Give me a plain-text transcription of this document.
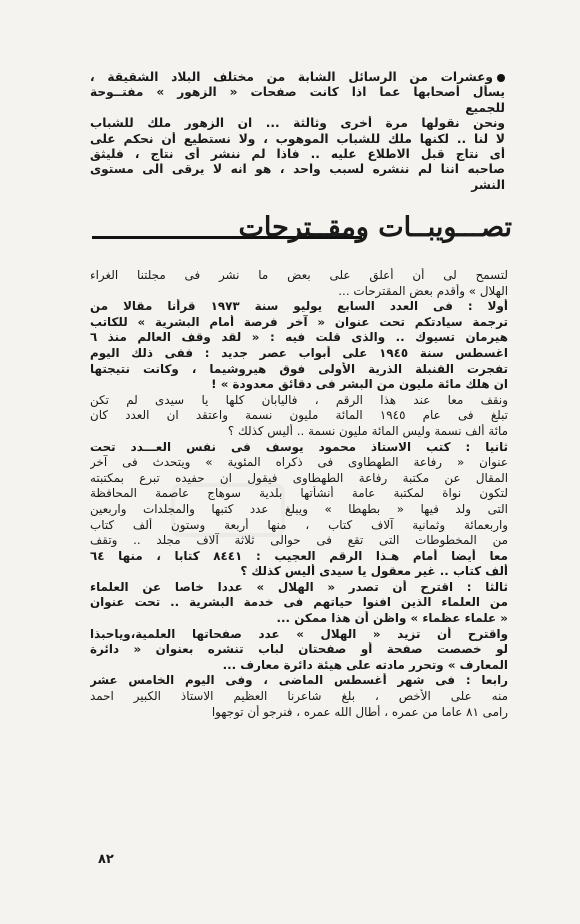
وعشرات من الرسائل الشابة من مختلف البلاد الشقيقة ،
يسأل أصحابها عما اذا كانت صفحات « الزهور » مفتــوحة
للجميع
ونحن نقولها مرة أخرى وثالثة ... ان الزهور ملك للشباب
لا لنا .. لكنها ملك للشباب الموهوب ، ولا نستطيع أن نحكم على
أى نتاج قبل الاطلاع عليه .. فاذا لم ننشر أى نتاج ، فليثق
صاحبه اننا لم ننشره لسبب واحد ، هو انه لا يرقى الى مستوى
النشر
تصـــويبــات ومقــترحات
لتسمح لى أن أعلق على بعض ما نشر فى مجلتنا الغراء
الهلال » وأقدم بعض المقترحات ...
أولا : فى العدد السابع يوليو سنة ١٩٧٣ قرأنا مقالا من
ترجمة سيادتكم تحت عنوان « آخر فرصة أمام البشرية » للكاتب
هيرمان تسيوك .. والذى قلت فيه : « لقد وقف العالم منذ ٦
اغسطس سنة ١٩٤٥ على أبواب عصر جديد : ففى ذلك اليوم
تفجرت القنبلة الذرية الأولى فوق هيروشيما ، وكانت نتيجتها
ان هلك مائة مليون من البشر فى دقائق معدودة » !
ونقف معا عند هذا الرقم ، فاليابان كلها يا سيدى لم تكن
تبلغ فى عام ١٩٤٥ المائة مليون نسمة واعتقد ان العدد كان
مائة ألف نسمة وليس المائة مليون نسمة .. أليس كذلك ؟
ثانيا : كتب الاستاذ محمود يوسف فى نفس العـــدد تحت
عنوان « رفاعة الطهطاوى فى ذكراه المئوية » ويتحدث فى آخر
المقال عن مكتبة رفاعة الطهطاوى فيقول ان حفيده تبرع بمكتبته
لتكون نواة لمكتبة عامة أنشأتها بلدية سوهاج عاصمة المحافظة
التى ولد فيها « بطهطا » ويبلغ عدد كتبها والمجلدات واربعين
واربعمائة وثمانية آلاف كتاب ، منها أربعة وستون ألف كتاب
من المخطوطات التى تقع فى حوالى ثلاثة آلاف مجلد .. وتقف
معا أيضا أمام هـذا الرقم العجيب : ٨٤٤١ كتابا ، منها ٦٤
ألف كتاب .. غير معقول يا سيدى أليس كذلك ؟
ثالثا : اقترح أن تصدر « الهلال » عددا خاصا عن العلماء
من العلماء الذين افنوا حياتهم فى خدمة البشرية .. تحت عنوان
« علماء عظماء » واظن أن هذا ممكن ...
واقترح أن تزيد « الهلال » عدد صفحاتها العلمية،وياحبذا
لو خصصت صفحة أو صفحتان لباب تنشره بعنوان « دائرة
المعارف » وتحرر مادته على هيئة دائرة معارف ...
رابعا : فى شهر أغسطس الماضى ، وفى اليوم الخامس عشر
منه على الأخص ، بلغ شاعرنا العظيم الاستاذ الكبير احمد
رامى ٨١ عاما من عمره ، أطال الله عمره ، فنرجو أن توجهوا
٨٢
